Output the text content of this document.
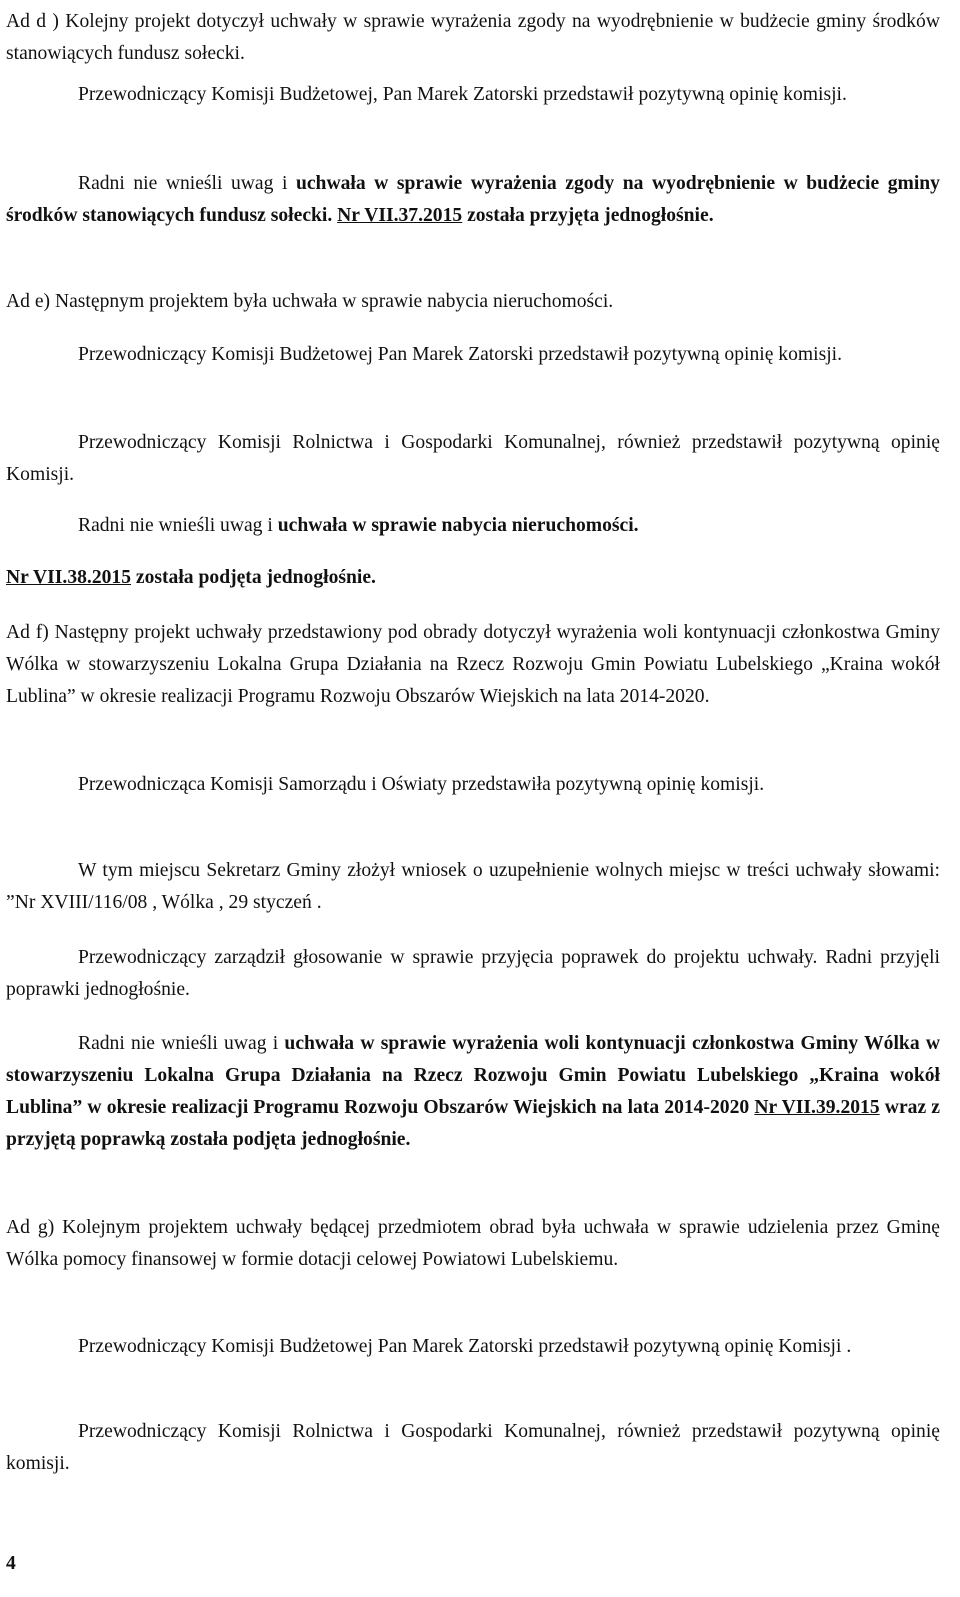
Ad d ) Kolejny projekt dotyczył uchwały w sprawie wyrażenia zgody na wyodrębnienie w budżecie gminy środków stanowiących fundusz sołecki.

Przewodniczący Komisji Budżetowej, Pan Marek Zatorski przedstawił pozytywną opinię komisji.

Radni nie wnieśli uwag i uchwała w sprawie wyrażenia zgody na wyodrębnienie w budżecie gminy środków stanowiących fundusz sołecki. Nr VII.37.2015 została przyjęta jednogłośnie.

Ad e) Następnym projektem była uchwała w sprawie nabycia nieruchomości.

Przewodniczący Komisji Budżetowej Pan Marek Zatorski przedstawił pozytywną opinię komisji.

Przewodniczący Komisji Rolnictwa i Gospodarki Komunalnej, również przedstawił pozytywną opinię Komisji.

Radni nie wnieśli uwag i uchwała w sprawie nabycia nieruchomości.

Nr VII.38.2015 została podjęta jednogłośnie.

Ad f) Następny projekt uchwały przedstawiony pod obrady dotyczył wyrażenia woli kontynuacji członkostwa Gminy Wólka w stowarzyszeniu Lokalna Grupa Działania na Rzecz Rozwoju Gmin Powiatu Lubelskiego „Kraina wokół Lublina” w okresie realizacji Programu Rozwoju Obszarów Wiejskich na lata 2014-2020.

Przewodnicząca Komisji Samorządu i Oświaty przedstawiła pozytywną opinię komisji.

W tym miejscu Sekretarz Gminy złożył wniosek o uzupełnienie wolnych miejsc w treści uchwały słowami: ”Nr XVIII/116/08 , Wólka , 29 styczeń .

Przewodniczący zarządził głosowanie w sprawie przyjęcia poprawek do projektu uchwały. Radni przyjęli poprawki jednogłośnie.

Radni nie wnieśli uwag i uchwała w sprawie wyrażenia woli kontynuacji członkostwa Gminy Wólka w stowarzyszeniu Lokalna Grupa Działania na Rzecz Rozwoju Gmin Powiatu Lubelskiego „Kraina wokół Lublina” w okresie realizacji Programu Rozwoju Obszarów Wiejskich na lata 2014-2020 Nr VII.39.2015 wraz z przyjętą poprawką została podjęta jednogłośnie.

Ad g) Kolejnym projektem uchwały będącej przedmiotem obrad była uchwała w sprawie udzielenia przez Gminę Wólka pomocy finansowej w formie dotacji celowej Powiatowi Lubelskiemu.

Przewodniczący Komisji Budżetowej Pan Marek Zatorski przedstawił pozytywną opinię Komisji .

Przewodniczący Komisji Rolnictwa i Gospodarki Komunalnej, również przedstawił pozytywną opinię komisji.

4
